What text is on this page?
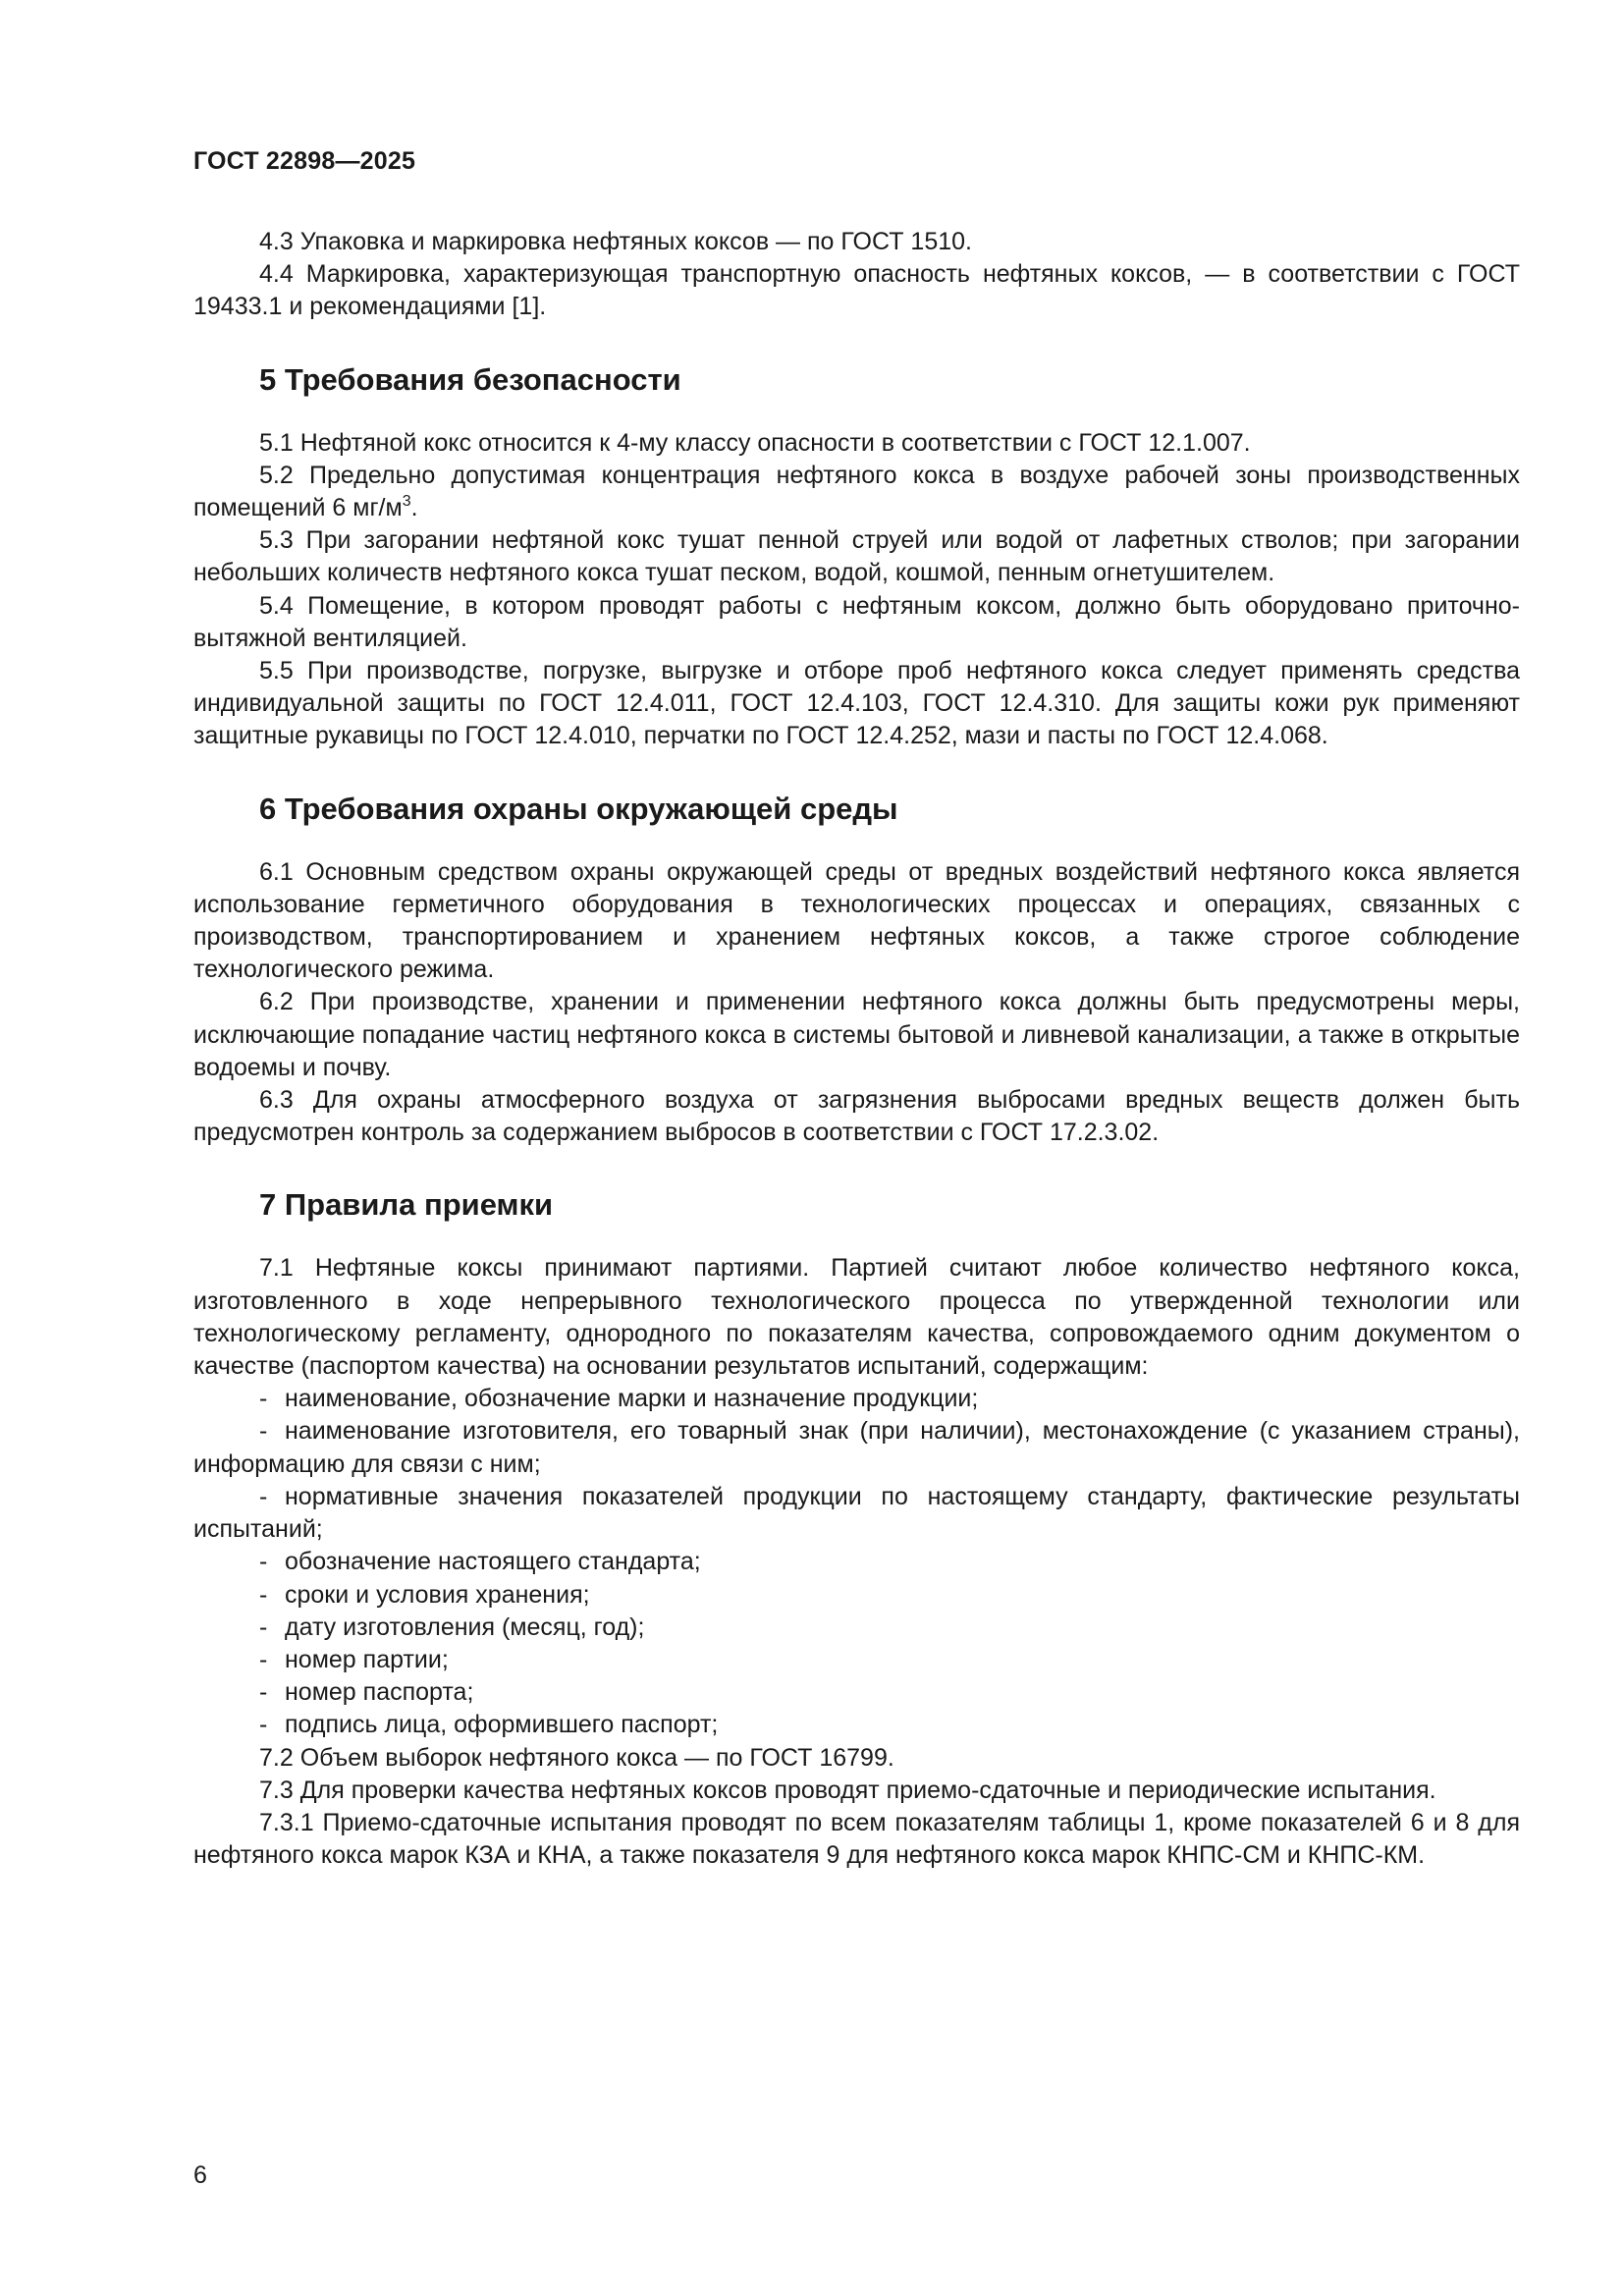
ГОСТ 22898—2025

4.3 Упаковка и маркировка нефтяных коксов — по ГОСТ 1510.

4.4 Маркировка, характеризующая транспортную опасность нефтяных коксов, — в соответствии с ГОСТ 19433.1 и рекомендациями [1].

5 Требования безопасности

5.1 Нефтяной кокс относится к 4-му классу опасности в соответствии с ГОСТ 12.1.007.

5.2 Предельно допустимая концентрация нефтяного кокса в воздухе рабочей зоны производственных помещений 6 $мг/м^3$.

5.3 При загорании нефтяной кокс тушат пенной струей или водой от лафетных стволов; при загорании небольших количеств нефтяного кокса тушат песком, водой, кошмой, пенным огнетушителем.

5.4 Помещение, в котором проводят работы с нефтяным коксом, должно быть оборудовано приточно-вытяжной вентиляцией.

5.5 При производстве, погрузке, выгрузке и отборе проб нефтяного кокса следует применять средства индивидуальной защиты по ГОСТ 12.4.011, ГОСТ 12.4.103, ГОСТ 12.4.310. Для защиты кожи рук применяют защитные рукавицы по ГОСТ 12.4.010, перчатки по ГОСТ 12.4.252, мази и пасты по ГОСТ 12.4.068.

6 Требования охраны окружающей среды

6.1 Основным средством охраны окружающей среды от вредных воздействий нефтяного кокса является использование герметичного оборудования в технологических процессах и операциях, связанных с производством, транспортированием и хранением нефтяных коксов, а также строгое соблюдение технологического режима.

6.2 При производстве, хранении и применении нефтяного кокса должны быть предусмотрены меры, исключающие попадание частиц нефтяного кокса в системы бытовой и ливневой канализации, а также в открытые водоемы и почву.

6.3 Для охраны атмосферного воздуха от загрязнения выбросами вредных веществ должен быть предусмотрен контроль за содержанием выбросов в соответствии с ГОСТ 17.2.3.02.

7 Правила приемки

7.1 Нефтяные коксы принимают партиями. Партией считают любое количество нефтяного кокса, изготовленного в ходе непрерывного технологического процесса по утвержденной технологии или технологическому регламенту, однородного по показателям качества, сопровождаемого одним документом о качестве (паспортом качества) на основании результатов испытаний, содержащим:

- наименование, обозначение марки и назначение продукции;

- наименование изготовителя, его товарный знак (при наличии), местонахождение (с указанием страны), информацию для связи с ним;

- нормативные значения показателей продукции по настоящему стандарту, фактические результаты испытаний;

- обозначение настоящего стандарта;

- сроки и условия хранения;

- дату изготовления (месяц, год);

- номер партии;

- номер паспорта;

- подпись лица, оформившего паспорт;

7.2 Объем выборок нефтяного кокса — по ГОСТ 16799.

7.3 Для проверки качества нефтяных коксов проводят приемо-сдаточные и периодические испытания.

7.3.1 Приемо-сдаточные испытания проводят по всем показателям таблицы 1, кроме показателей 6 и 8 для нефтяного кокса марок КЗА и КНА, а также показателя 9 для нефтяного кокса марок КНПС-СМ и КНПС-КМ.

6
